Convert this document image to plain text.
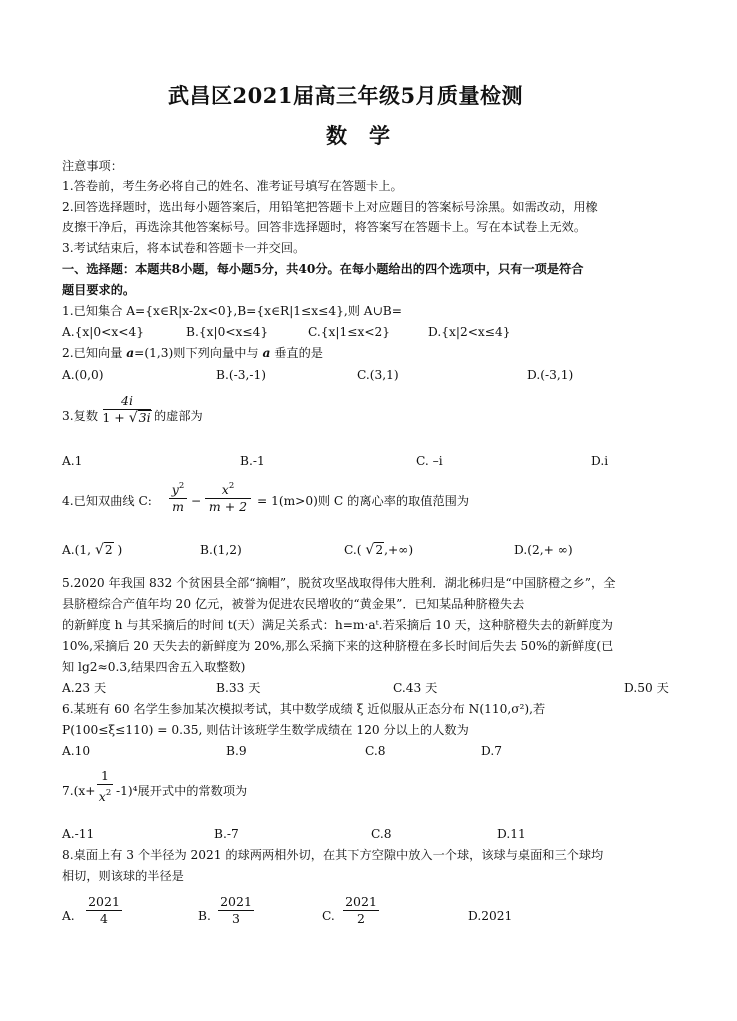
武昌区2021届高三年级5月质量检测
数学
注意事项：
1.答卷前，考生务必将自己的姓名、准考证号填写在答题卡上。
2.回答选择题时，选出每小题答案后，用铅笔把答题卡上对应题目的答案标号涂黑。如需改动，用橡
皮擦干净后，再选涂其他答案标号。回答非选择题时，将答案写在答题卡上。写在本试卷上无效。
3.考试结束后，将本试卷和答题卡一并交回。
一、选择题：本题共8小题，每小题5分，共40分。在每小题给出的四个选项中，只有一项是符合
题目要求的。
1.已知集合 A={x∈R|x-2x<0},B={x∈R|1≤x≤4},则 A∪B=
A.{x|0<x<4}	B.{x|0<x≤4}	C.{x|1≤x<2}	D.{x|2<x≤4}
2.已知向量 a=(1,3)则下列向量中与 a 垂直的是
A.(0,0)	B.(-3,-1)	C.(3,1)	D.(-3,1)
3.复数
4i
1 + √3i 的虚部为
A.1	B.-1	C. –i	D.i
4.已知双曲线 C:
$y^2$
m −
$x^2$
m + 2 = 1(m>0)则 C 的离心率的取值范围为
A.(1, √2 )	B.(1,2)	C.( √2,+∞)	D.(2,+ ∞)
5.2020 年我国 832 个贫困县全部“摘帽”，脱贫攻坚战取得伟大胜利．湖北秭归是“中国脐橙之乡”，全
县脐橙综合产值年均 20 亿元，被誉为促进农民增收的“黄金果”．已知某品种脐橙失去
的新鲜度 h 与其采摘后的时间 t(天）满足关系式：h=m·aᵗ.若采摘后 10 天，这种脐橙失去的新鲜度为
10%,采摘后 20 天失去的新鲜度为 20%,那么采摘下来的这种脐橙在多长时间后失去 50%的新鲜度(已
知 lg2≈0.3,结果四舍五入取整数)
A.23 天	B.33 天	C.43 天	D.50 天
6.某班有 60 名学生参加某次模拟考试，其中数学成绩 ξ 近似服从正态分布 N(110,σ²),若
P(100≤ξ≤110) = 0.35, 则估计该班学生数学成绩在 120 分以上的人数为
A.10	B.9	C.8	D.7
7.(x+
1
$x^2$ -1)⁴展开式中的常数项为
A.-11	B.-7	C.8	D.11
8.桌面上有 3 个半径为 2021 的球两两相外切，在其下方空隙中放入一个球，该球与桌面和三个球均
相切，则该球的半径是
A.
2021
4	B.
2021
3	C.
2021
2	D.2021
